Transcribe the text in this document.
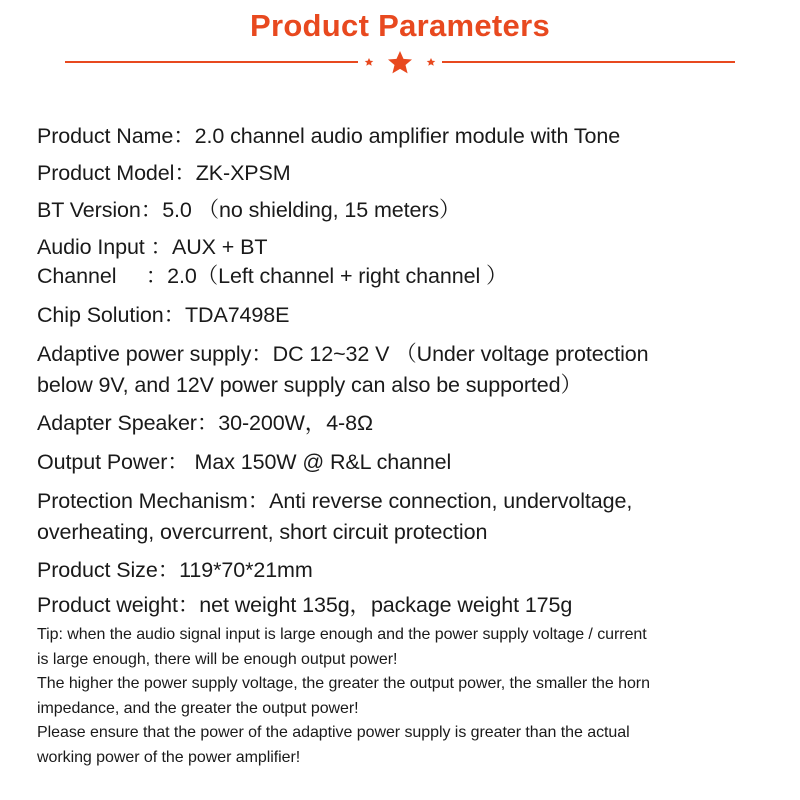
Product Parameters
Product Name：2.0 channel audio amplifier module with Tone
Product Model：ZK-XPSM
BT Version：5.0 （no shielding, 15 meters）
Audio Input ：AUX + BT
Channel     ：2.0（Left channel + right channel ）
Chip Solution：TDA7498E
Adaptive power supply：DC 12~32 V （Under voltage protection
below 9V, and 12V power supply can also be supported）
Adapter Speaker：30-200W，4-8Ω
Output Power： Max 150W @ R&L channel
Protection Mechanism：Anti reverse connection, undervoltage,
overheating, overcurrent, short circuit protection
Product Size：119*70*21mm
Product weight：net weight 135g，package weight 175g
Tip: when the audio signal input is large enough and the power supply voltage / current
is large enough, there will be enough output power!
The higher the power supply voltage, the greater the output power, the smaller the horn
impedance, and the greater the output power!
Please ensure that the power of the adaptive power supply is greater than the actual
working power of the power amplifier!
